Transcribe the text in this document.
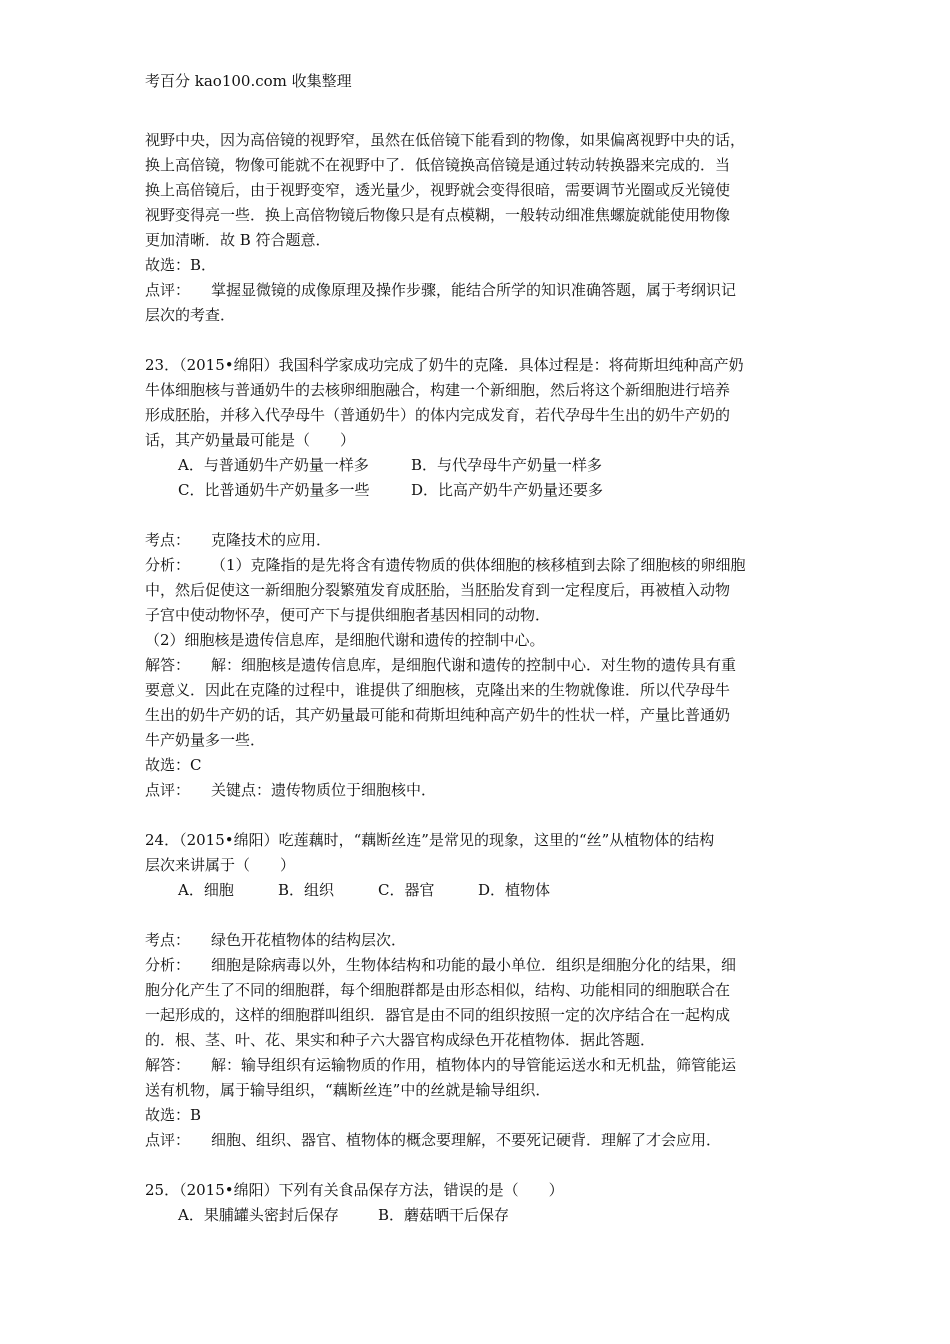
考百分 kao100.com 收集整理
视野中央，因为高倍镜的视野窄，虽然在低倍镜下能看到的物像，如果偏离视野中央的话，
换上高倍镜，物像可能就不在视野中了．低倍镜换高倍镜是通过转动转换器来完成的．当
换上高倍镜后，由于视野变窄，透光量少，视野就会变得很暗，需要调节光圈或反光镜使
视野变得亮一些．换上高倍物镜后物像只是有点模糊，一般转动细准焦螺旋就能使用物像
更加清晰．故 B 符合题意．
故选：B．
点评： 掌握显微镜的成像原理及操作步骤，能结合所学的知识准确答题，属于考纲识记
层次的考查．
23．（2015•绵阳）我国科学家成功完成了奶牛的克隆．具体过程是：将荷斯坦纯种高产奶
牛体细胞核与普通奶牛的去核卵细胞融合，构建一个新细胞，然后将这个新细胞进行培养
形成胚胎，并移入代孕母牛（普通奶牛）的体内完成发育，若代孕母牛生出的奶牛产奶的
话，其产奶量最可能是（　　）
A．与普通奶牛产奶量一样多	B．与代孕母牛产奶量一样多
C．比普通奶牛产奶量多一些	D．比高产奶牛产奶量还要多
考点： 克隆技术的应用．
分析： （1）克隆指的是先将含有遗传物质的供体细胞的核移植到去除了细胞核的卵细胞
中，然后促使这一新细胞分裂繁殖发育成胚胎，当胚胎发育到一定程度后，再被植入动物
子宫中使动物怀孕，便可产下与提供细胞者基因相同的动物．
（2）细胞核是遗传信息库，是细胞代谢和遗传的控制中心。
解答： 解：细胞核是遗传信息库，是细胞代谢和遗传的控制中心．对生物的遗传具有重
要意义．因此在克隆的过程中，谁提供了细胞核，克隆出来的生物就像谁．所以代孕母牛
生出的奶牛产奶的话，其产奶量最可能和荷斯坦纯种高产奶牛的性状一样，产量比普通奶
牛产奶量多一些．
故选：C
点评： 关键点：遗传物质位于细胞核中．
24．（2015•绵阳）吃莲藕时，“藕断丝连”是常见的现象，这里的“丝”从植物体的结构
层次来讲属于（　　）
A．细胞	B．组织	C．器官	D．植物体
考点： 绿色开花植物体的结构层次．
分析： 细胞是除病毒以外，生物体结构和功能的最小单位．组织是细胞分化的结果，细
胞分化产生了不同的细胞群，每个细胞群都是由形态相似，结构、功能相同的细胞联合在
一起形成的，这样的细胞群叫组织．器官是由不同的组织按照一定的次序结合在一起构成
的．根、茎、叶、花、果实和种子六大器官构成绿色开花植物体．据此答题．
解答： 解：输导组织有运输物质的作用，植物体内的导管能运送水和无机盐，筛管能运
送有机物，属于输导组织，“藕断丝连”中的丝就是输导组织．
故选：B
点评： 细胞、组织、器官、植物体的概念要理解，不要死记硬背．理解了才会应用．
25．（2015•绵阳）下列有关食品保存方法，错误的是（　　）
A．果脯罐头密封后保存	B．蘑菇晒干后保存
